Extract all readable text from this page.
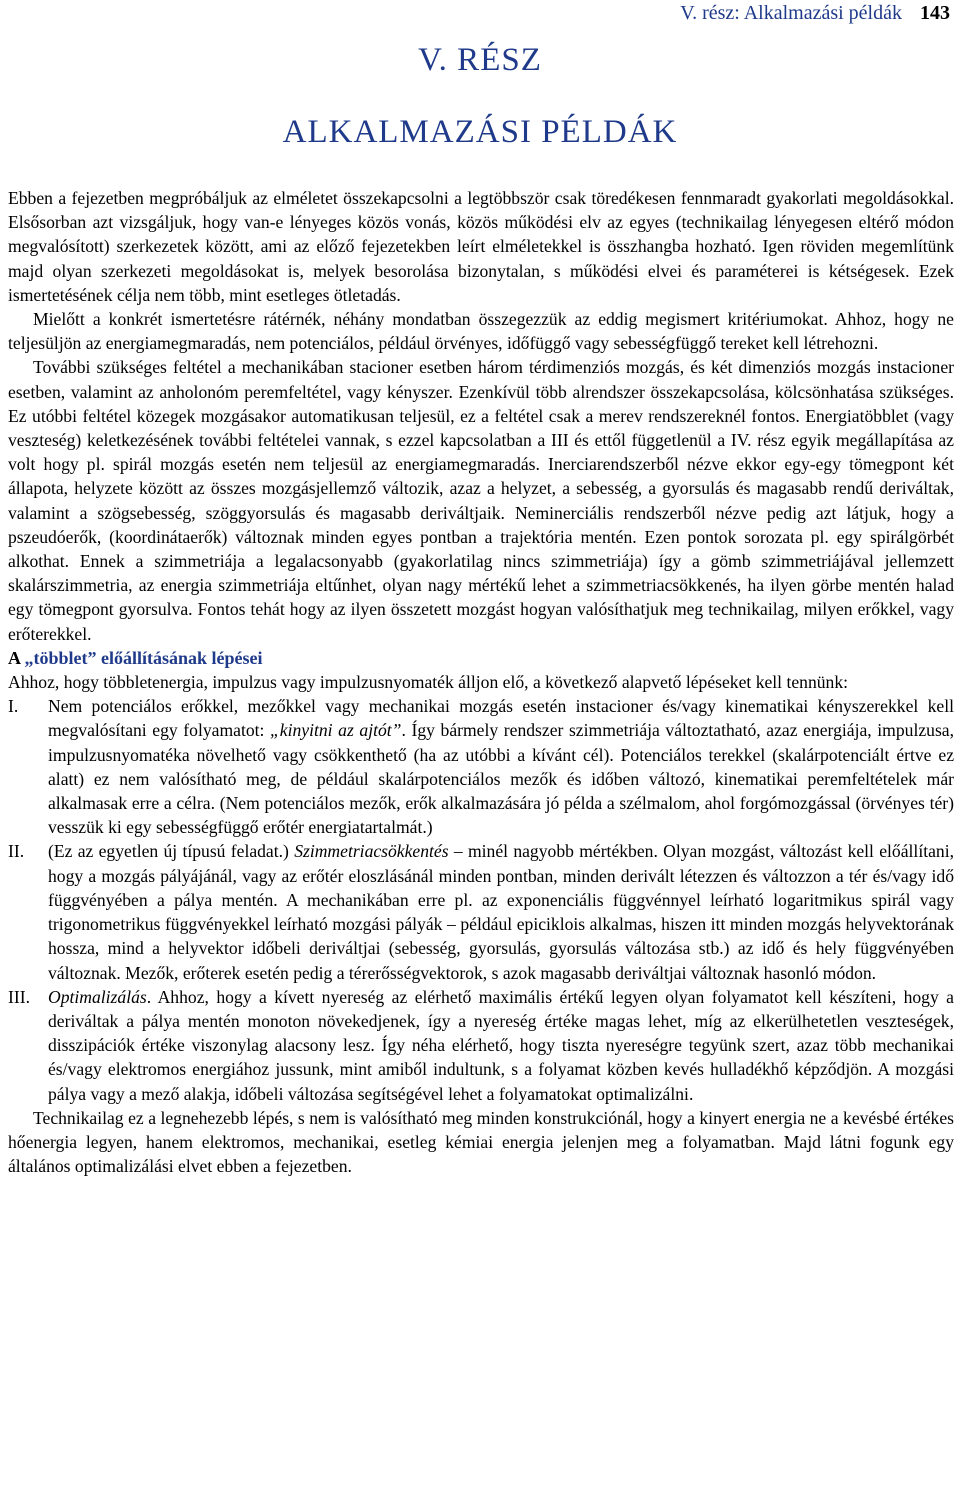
V. rész: Alkalmazási példák 143
V. RÉSZ
ALKALMAZÁSI PÉLDÁK

Ebben a fejezetben megpróbáljuk az elméletet összekapcsolni a legtöbbször csak töredékesen fennmaradt gyakorlati megoldásokkal. Elsősorban azt vizsgáljuk, hogy van-e lényeges közös vonás, közös működési elv az egyes (technikailag lényegesen eltérő módon megvalósított) szerkezetek között, ami az előző fejezetekben leírt elméletekkel is összhangba hozható. Igen röviden megemlítünk majd olyan szerkezeti megoldásokat is, melyek besorolása bizonytalan, s működési elvei és paraméterei is kétségesek. Ezek ismertetésének célja nem több, mint esetleges ötletadás.

Mielőtt a konkrét ismertetésre rátérnék, néhány mondatban összegezzük az eddig megismert kritériumokat. Ahhoz, hogy ne teljesüljön az energiamegmaradás, nem potenciálos, például örvényes, időfüggő vagy sebességfüggő tereket kell létrehozni.

További szükséges feltétel a mechanikában stacioner esetben három térdimenziós mozgás, és két dimenziós mozgás instacioner esetben, valamint az anholonóm peremfeltétel, vagy kényszer. Ezenkívül több alrendszer összekapcsolása, kölcsönhatása szükséges. Ez utóbbi feltétel közegek mozgásakor automatikusan teljesül, ez a feltétel csak a merev rendszereknél fontos. Energiatöbblet (vagy veszteség) keletkezésének további feltételei vannak, s ezzel kapcsolatban a III és ettől függetlenül a IV. rész egyik megállapítása az volt hogy pl. spirál mozgás esetén nem teljesül az energiamegmaradás. Inerciarendszerből nézve ekkor egy-egy tömegpont két állapota, helyzete között az összes mozgásjellemző változik, azaz a helyzet, a sebesség, a gyorsulás és magasabb rendű deriváltak, valamint a szögsebesség, szöggyorsulás és magasabb deriváltjaik. Neminerciális rendszerből nézve pedig azt látjuk, hogy a pszeudóerők, (koordinátaerők) változnak minden egyes pontban a trajektória mentén. Ezen pontok sorozata pl. egy spirálgörbét alkothat. Ennek a szimmetriája a legalacsonyabb (gyakorlatilag nincs szimmetriája) így a gömb szimmetriájával jellemzett skalárszimmetria, az energia szimmetriája eltűnhet, olyan nagy mértékű lehet a szimmetriacsökkenés, ha ilyen görbe mentén halad egy tömegpont gyorsulva. Fontos tehát hogy az ilyen összetett mozgást hogyan valósíthatjuk meg technikailag, milyen erőkkel, vagy erőterekkel.

A „többlet” előállításának lépései

Ahhoz, hogy többletenergia, impulzus vagy impulzusnyomaték álljon elő, a következő alapvető lépéseket kell tennünk:

I. Nem potenciálos erőkkel, mezőkkel vagy mechanikai mozgás esetén instacioner és/vagy kinematikai kényszerekkel kell megvalósítani egy folyamatot: „kinyitni az ajtót”. Így bármely rendszer szimmetriája változtatható, azaz energiája, impulzusa, impulzusnyomatéka növelhető vagy csökkenthető (ha az utóbbi a kívánt cél). Potenciálos terekkel (skalárpotenciált értve ez alatt) ez nem valósítható meg, de például skalárpotenciálos mezők és időben változó, kinematikai peremfeltételek már alkalmasak erre a célra. (Nem potenciálos mezők, erők alkalmazására jó példa a szélmalom, ahol forgómozgással (örvényes tér) vesszük ki egy sebességfüggő erőtér energiatartalmát.)
II. (Ez az egyetlen új típusú feladat.) Szimmetriacsökkentés – minél nagyobb mértékben. Olyan mozgást, változást kell előállítani, hogy a mozgás pályájánál, vagy az erőtér eloszlásánál minden pontban, minden derivált létezzen és változzon a tér és/vagy idő függvényében a pálya mentén. A mechanikában erre pl. az exponenciális függvénnyel leírható logaritmikus spirál vagy trigonometrikus függvényekkel leírható mozgási pályák – például epiciklois alkalmas, hiszen itt minden mozgás helyvektorának hossza, mind a helyvektor időbeli deriváltjai (sebesség, gyorsulás, gyorsulás változása stb.) az idő és hely függvényében változnak. Mezők, erőterek esetén pedig a térerősségvektorok, s azok magasabb deriváltjai változnak hasonló módon.
III. Optimalizálás. Ahhoz, hogy a kívett nyereség az elérhető maximális értékű legyen olyan folyamatot kell készíteni, hogy a deriváltak a pálya mentén monoton növekedjenek, így a nyereség értéke magas lehet, míg az elkerülhetetlen veszteségek, disszipációk értéke viszonylag alacsony lesz. Így néha elérhető, hogy tiszta nyereségre tegyünk szert, azaz több mechanikai és/vagy elektromos energiához jussunk, mint amiből indultunk, s a folyamat közben kevés hulladékhő képződjön. A mozgási pálya vagy a mező alakja, időbeli változása segítségével lehet a folyamatokat optimalizálni.

Technikailag ez a legnehezebb lépés, s nem is valósítható meg minden konstrukciónál, hogy a kinyert energia ne a kevésbé értékes hőenergia legyen, hanem elektromos, mechanikai, esetleg kémiai energia jelenjen meg a folyamatban. Majd látni fogunk egy általános optimalizálási elvet ebben a fejezetben.
